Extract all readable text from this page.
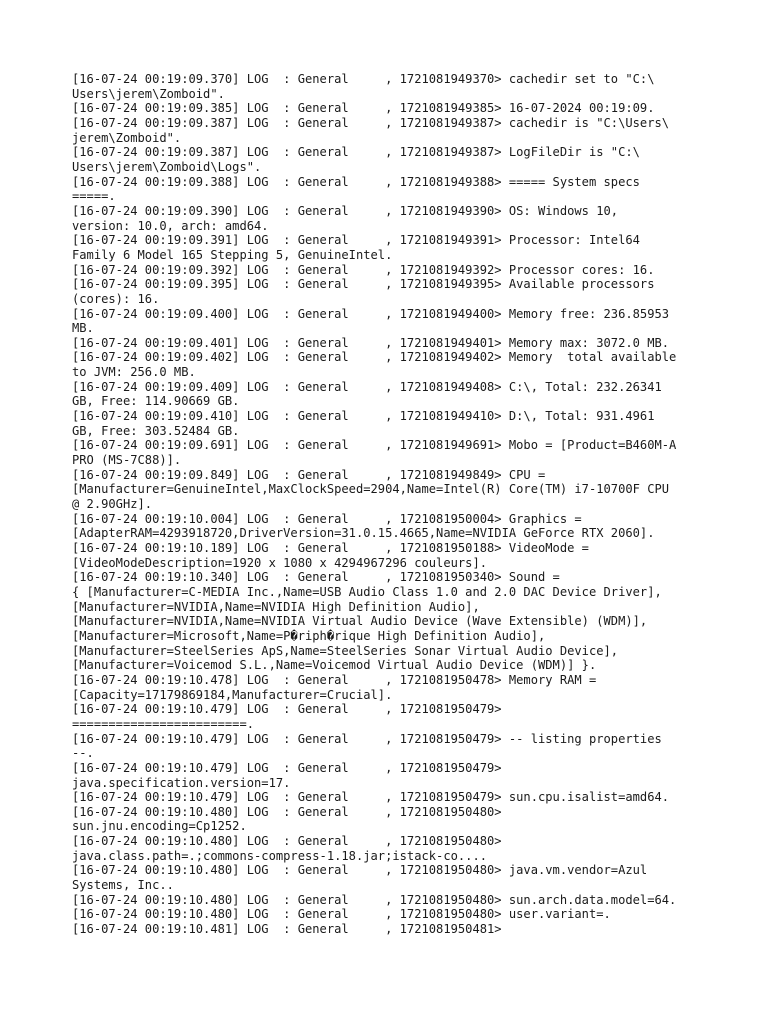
[16-07-24 00:19:09.370] LOG  : General     , 1721081949370> cachedir set to "C:\

Users\jerem\Zomboid".

[16-07-24 00:19:09.385] LOG  : General     , 1721081949385> 16-07-2024 00:19:09.

[16-07-24 00:19:09.387] LOG  : General     , 1721081949387> cachedir is "C:\Users\

jerem\Zomboid".

[16-07-24 00:19:09.387] LOG  : General     , 1721081949387> LogFileDir is "C:\

Users\jerem\Zomboid\Logs".

[16-07-24 00:19:09.388] LOG  : General     , 1721081949388> ===== System specs

=====.

[16-07-24 00:19:09.390] LOG  : General     , 1721081949390> OS: Windows 10,

version: 10.0, arch: amd64.

[16-07-24 00:19:09.391] LOG  : General     , 1721081949391> Processor: Intel64

Family 6 Model 165 Stepping 5, GenuineIntel.

[16-07-24 00:19:09.392] LOG  : General     , 1721081949392> Processor cores: 16.

[16-07-24 00:19:09.395] LOG  : General     , 1721081949395> Available processors

(cores): 16.

[16-07-24 00:19:09.400] LOG  : General     , 1721081949400> Memory free: 236.85953

MB.

[16-07-24 00:19:09.401] LOG  : General     , 1721081949401> Memory max: 3072.0 MB.

[16-07-24 00:19:09.402] LOG  : General     , 1721081949402> Memory  total available

to JVM: 256.0 MB.

[16-07-24 00:19:09.409] LOG  : General     , 1721081949408> C:\, Total: 232.26341

GB, Free: 114.90669 GB.

[16-07-24 00:19:09.410] LOG  : General     , 1721081949410> D:\, Total: 931.4961

GB, Free: 303.52484 GB.

[16-07-24 00:19:09.691] LOG  : General     , 1721081949691> Mobo = [Product=B460M-A

PRO (MS-7C88)].

[16-07-24 00:19:09.849] LOG  : General     , 1721081949849> CPU =

[Manufacturer=GenuineIntel,MaxClockSpeed=2904,Name=Intel(R) Core(TM) i7-10700F CPU

@ 2.90GHz].

[16-07-24 00:19:10.004] LOG  : General     , 1721081950004> Graphics =

[AdapterRAM=4293918720,DriverVersion=31.0.15.4665,Name=NVIDIA GeForce RTX 2060].

[16-07-24 00:19:10.189] LOG  : General     , 1721081950188> VideoMode =

[VideoModeDescription=1920 x 1080 x 4294967296 couleurs].

[16-07-24 00:19:10.340] LOG  : General     , 1721081950340> Sound =

{ [Manufacturer=C-MEDIA Inc.,Name=USB Audio Class 1.0 and 2.0 DAC Device Driver],

[Manufacturer=NVIDIA,Name=NVIDIA High Definition Audio],

[Manufacturer=NVIDIA,Name=NVIDIA Virtual Audio Device (Wave Extensible) (WDM)],

[Manufacturer=Microsoft,Name=P�riph�rique High Definition Audio],

[Manufacturer=SteelSeries ApS,Name=SteelSeries Sonar Virtual Audio Device],

[Manufacturer=Voicemod S.L.,Name=Voicemod Virtual Audio Device (WDM)] }.

[16-07-24 00:19:10.478] LOG  : General     , 1721081950478> Memory RAM =

[Capacity=17179869184,Manufacturer=Crucial].

[16-07-24 00:19:10.479] LOG  : General     , 1721081950479>

========================.

[16-07-24 00:19:10.479] LOG  : General     , 1721081950479> -- listing properties

--.

[16-07-24 00:19:10.479] LOG  : General     , 1721081950479>

java.specification.version=17.

[16-07-24 00:19:10.479] LOG  : General     , 1721081950479> sun.cpu.isalist=amd64.

[16-07-24 00:19:10.480] LOG  : General     , 1721081950480>

sun.jnu.encoding=Cp1252.

[16-07-24 00:19:10.480] LOG  : General     , 1721081950480>

java.class.path=.;commons-compress-1.18.jar;istack-co....

[16-07-24 00:19:10.480] LOG  : General     , 1721081950480> java.vm.vendor=Azul

Systems, Inc..

[16-07-24 00:19:10.480] LOG  : General     , 1721081950480> sun.arch.data.model=64.

[16-07-24 00:19:10.480] LOG  : General     , 1721081950480> user.variant=.

[16-07-24 00:19:10.481] LOG  : General     , 1721081950481>
